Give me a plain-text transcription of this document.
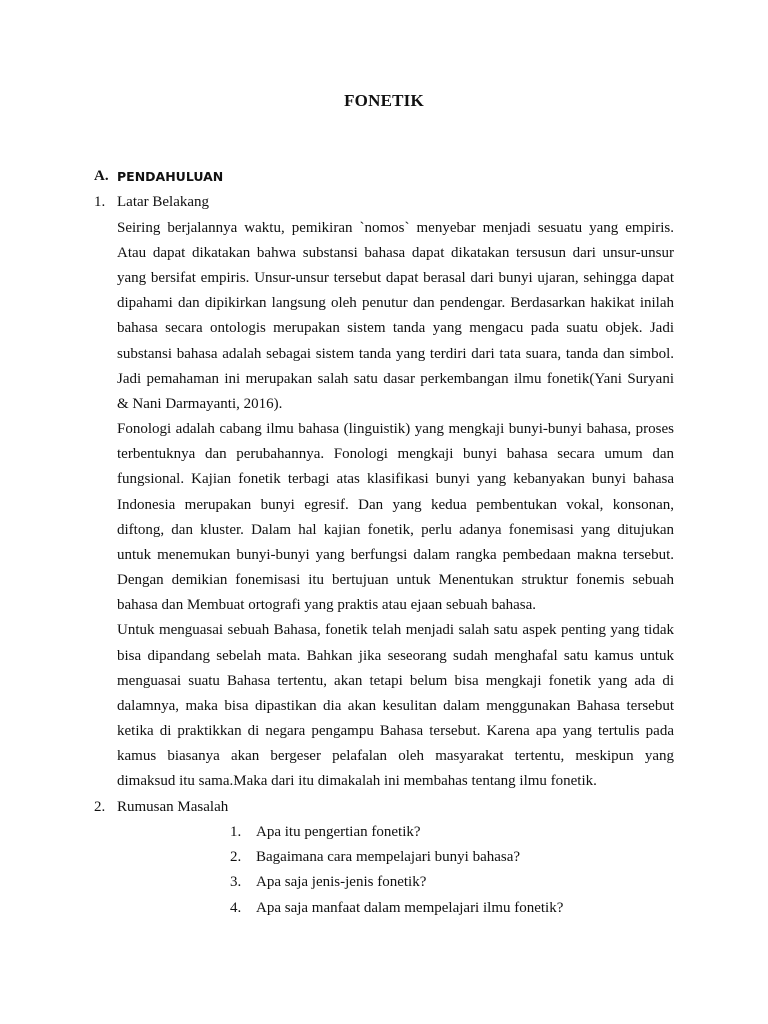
FONETIK
A. PENDAHULUAN
1. Latar Belakang
Seiring berjalannya waktu, pemikiran `nomos` menyebar menjadi sesuatu yang empiris.
Atau dapat dikatakan bahwa substansi bahasa dapat dikatakan tersusun dari unsur-unsur
yang bersifat empiris. Unsur-unsur tersebut dapat berasal dari bunyi ujaran, sehingga dapat
dipahami dan dipikirkan langsung oleh penutur dan pendengar. Berdasarkan hakikat inilah
bahasa secara ontologis merupakan sistem tanda yang mengacu pada suatu objek. Jadi
substansi bahasa adalah sebagai sistem tanda yang terdiri dari tata suara, tanda dan simbol.
Jadi pemahaman ini merupakan salah satu dasar perkembangan ilmu fonetik(Yani Suryani
& Nani Darmayanti, 2016).
Fonologi adalah cabang ilmu bahasa (linguistik) yang mengkaji bunyi-bunyi bahasa, proses
terbentuknya dan perubahannya. Fonologi mengkaji bunyi bahasa secara umum dan
fungsional. Kajian fonetik terbagi atas klasifikasi bunyi yang kebanyakan bunyi bahasa
Indonesia merupakan bunyi egresif. Dan yang kedua pembentukan vokal, konsonan,
diftong, dan kluster. Dalam hal kajian fonetik, perlu adanya fonemisasi yang ditujukan
untuk menemukan bunyi-bunyi yang berfungsi dalam rangka pembedaan makna tersebut.
Dengan demikian fonemisasi itu bertujuan untuk Menentukan struktur fonemis sebuah
bahasa dan Membuat ortografi yang praktis atau ejaan sebuah bahasa.
Untuk menguasai sebuah Bahasa, fonetik telah menjadi salah satu aspek penting yang tidak
bisa dipandang sebelah mata. Bahkan jika seseorang sudah menghafal satu kamus untuk
menguasai suatu Bahasa tertentu, akan tetapi belum bisa mengkaji fonetik yang ada di
dalamnya, maka bisa dipastikan dia akan kesulitan dalam menggunakan Bahasa tersebut
ketika di praktikkan di negara pengampu Bahasa tersebut. Karena apa yang tertulis pada
kamus biasanya akan bergeser pelafalan oleh masyarakat tertentu, meskipun yang
dimaksud itu sama.Maka dari itu dimakalah ini membahas tentang ilmu fonetik.
2. Rumusan Masalah
1. Apa itu pengertian fonetik?
2. Bagaimana cara mempelajari bunyi bahasa?
3. Apa saja jenis-jenis fonetik?
4. Apa saja manfaat dalam mempelajari ilmu fonetik?
